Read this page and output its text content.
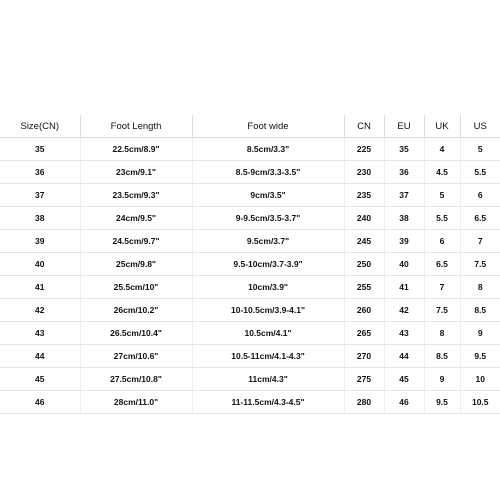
Size(CN)	Foot Length	Foot wide	CN	EU	UK	US
35	22.5cm/8.9"	8.5cm/3.3"	225	35	4	5
36	23cm/9.1"	8.5-9cm/3.3-3.5"	230	36	4.5	5.5
37	23.5cm/9.3"	9cm/3.5"	235	37	5	6
38	24cm/9.5"	9-9.5cm/3.5-3.7"	240	38	5.5	6.5
39	24.5cm/9.7"	9.5cm/3.7"	245	39	6	7
40	25cm/9.8"	9.5-10cm/3.7-3.9"	250	40	6.5	7.5
41	25.5cm/10"	10cm/3.9"	255	41	7	8
42	26cm/10.2"	10-10.5cm/3.9-4.1"	260	42	7.5	8.5
43	26.5cm/10.4"	10.5cm/4.1"	265	43	8	9
44	27cm/10.6"	10.5-11cm/4.1-4.3"	270	44	8.5	9.5
45	27.5cm/10.8"	11cm/4.3"	275	45	9	10
46	28cm/11.0"	11-11.5cm/4.3-4.5"	280	46	9.5	10.5
